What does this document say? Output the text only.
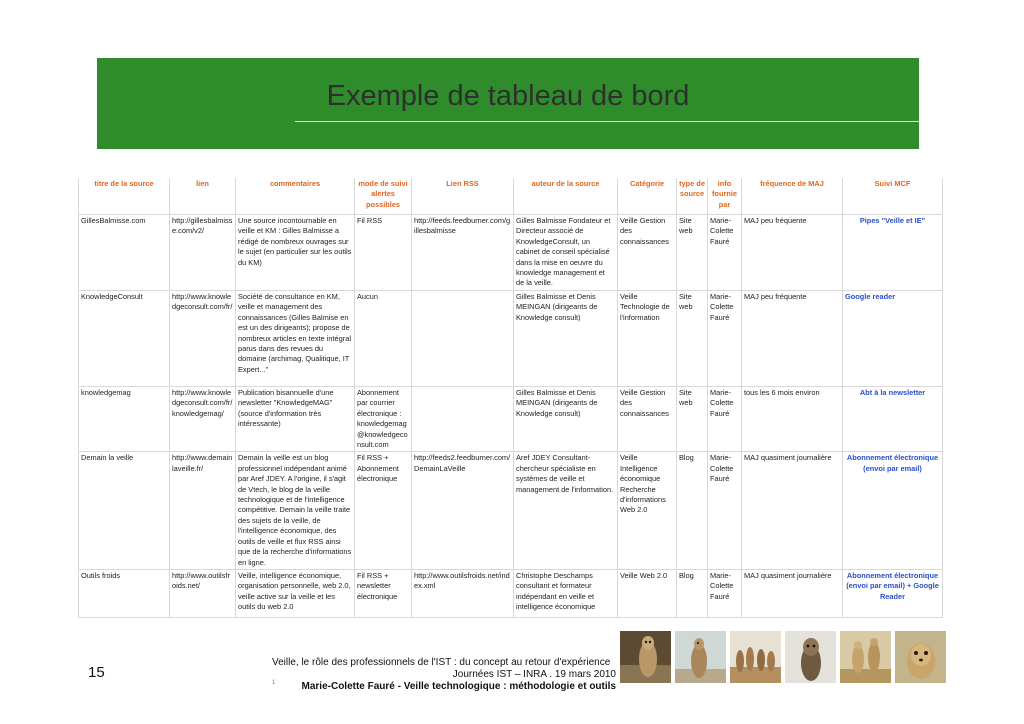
Exemple de tableau de bord
titre de la source	lien	commentaires	mode de suivi alertes possibles	Lien RSS	auteur de la source	Catégorie	type de source	info fournie par	fréquence de MAJ	Suivi MCF
GillesBalmisse.com	http://gillesbalmisse.com/v2/	Une source incontournable en veille et KM : Gilles Balmisse a rédigé de nombreux ouvrages sur le sujet (en particulier sur les outils du KM)	Fil RSS	http://feeds.feedburner.com/gillesbalmisse	Gilles Balmisse Fondateur et Directeur associé de KnowledgeConsult, un cabinet de conseil spécialisé dans la mise en oeuvre du knowledge management et de la veille.	Veille Gestion des connaissances	Site web	Marie-Colette Fauré	MAJ peu fréquente	Pipes "Veille et IE"
KnowledgeConsult	http://www.knowledgeconsult.com/fr/	Société de consultance en KM, veille et management des connaissances (Gilles Balmise en est un des dirigeants); propose de nombreux articles en texte intégral parus dans des revues du domaine (archimag, Qualitique, IT Expert..."	Aucun		Gilles Balmisse et Denis MEINGAN (dirigeants de Knowledge consult)	Veille Technologie de l'information	Site web	Marie-Colette Fauré	MAJ peu fréquente	Google reader
knowledgemag	http://www.knowledgeconsult.com/fr/knowledgemag/	Publication bisannuelle d'une newsletter "KnowledgeMAG" (source d'information très intéressante)	Abonnement par courrier électronique : knowledgemag@knowledgeconsult.com		Gilles Balmisse et Denis MEINGAN (dirigeants de Knowledge consult)	Veille Gestion des connaissances	Site web	Marie-Colette Fauré	tous les 6 mois environ	Abt à la newsletter
Demain la veille	http://www.demainlaveille.fr/	Demain la veille est un blog professionnel indépendant animé par Aref JDEY. A l'origine, il s'agit de Vtech, le blog de la veille technologique et de l'intelligence compétitive. Demain la veille traite des sujets de la veille, de l'intelligence économique, des outils de veille et flux RSS ainsi que de la recherche d'informations en ligne.	Fil RSS + Abonnement électronique	http://feeds2.feedburner.com/DemainLaVeille	Aref JDEY Consultant-chercheur spécialiste en systèmes de veille et management de l'information.	Veille Intelligence économique Recherche d'informations Web 2.0	Blog	Marie-Colette Fauré	MAJ quasiment journalière	Abonnement électronique (envoi par email)
Outils froids	http://www.outilsfroids.net/	Veille, intelligence économique, organisation personnelle, web 2.0, veille active sur la veille et les outils du web 2.0	Fil RSS + newsletter électronique	http://www.outilsfroids.net/index.xml	Christophe Deschamps consultant et formateur indépendant en veille et intelligence économique	Veille Web 2.0	Blog	Marie-Colette Fauré	MAJ quasiment journalière	Abonnement électronique (envoi par email) + Google Reader
15
Veille, le rôle des professionnels de l'IST : du concept au retour d'expérience
Journées IST – INRA . 19 mars 2010
Marie-Colette Fauré - Veille technologique : méthodologie et outils
1
